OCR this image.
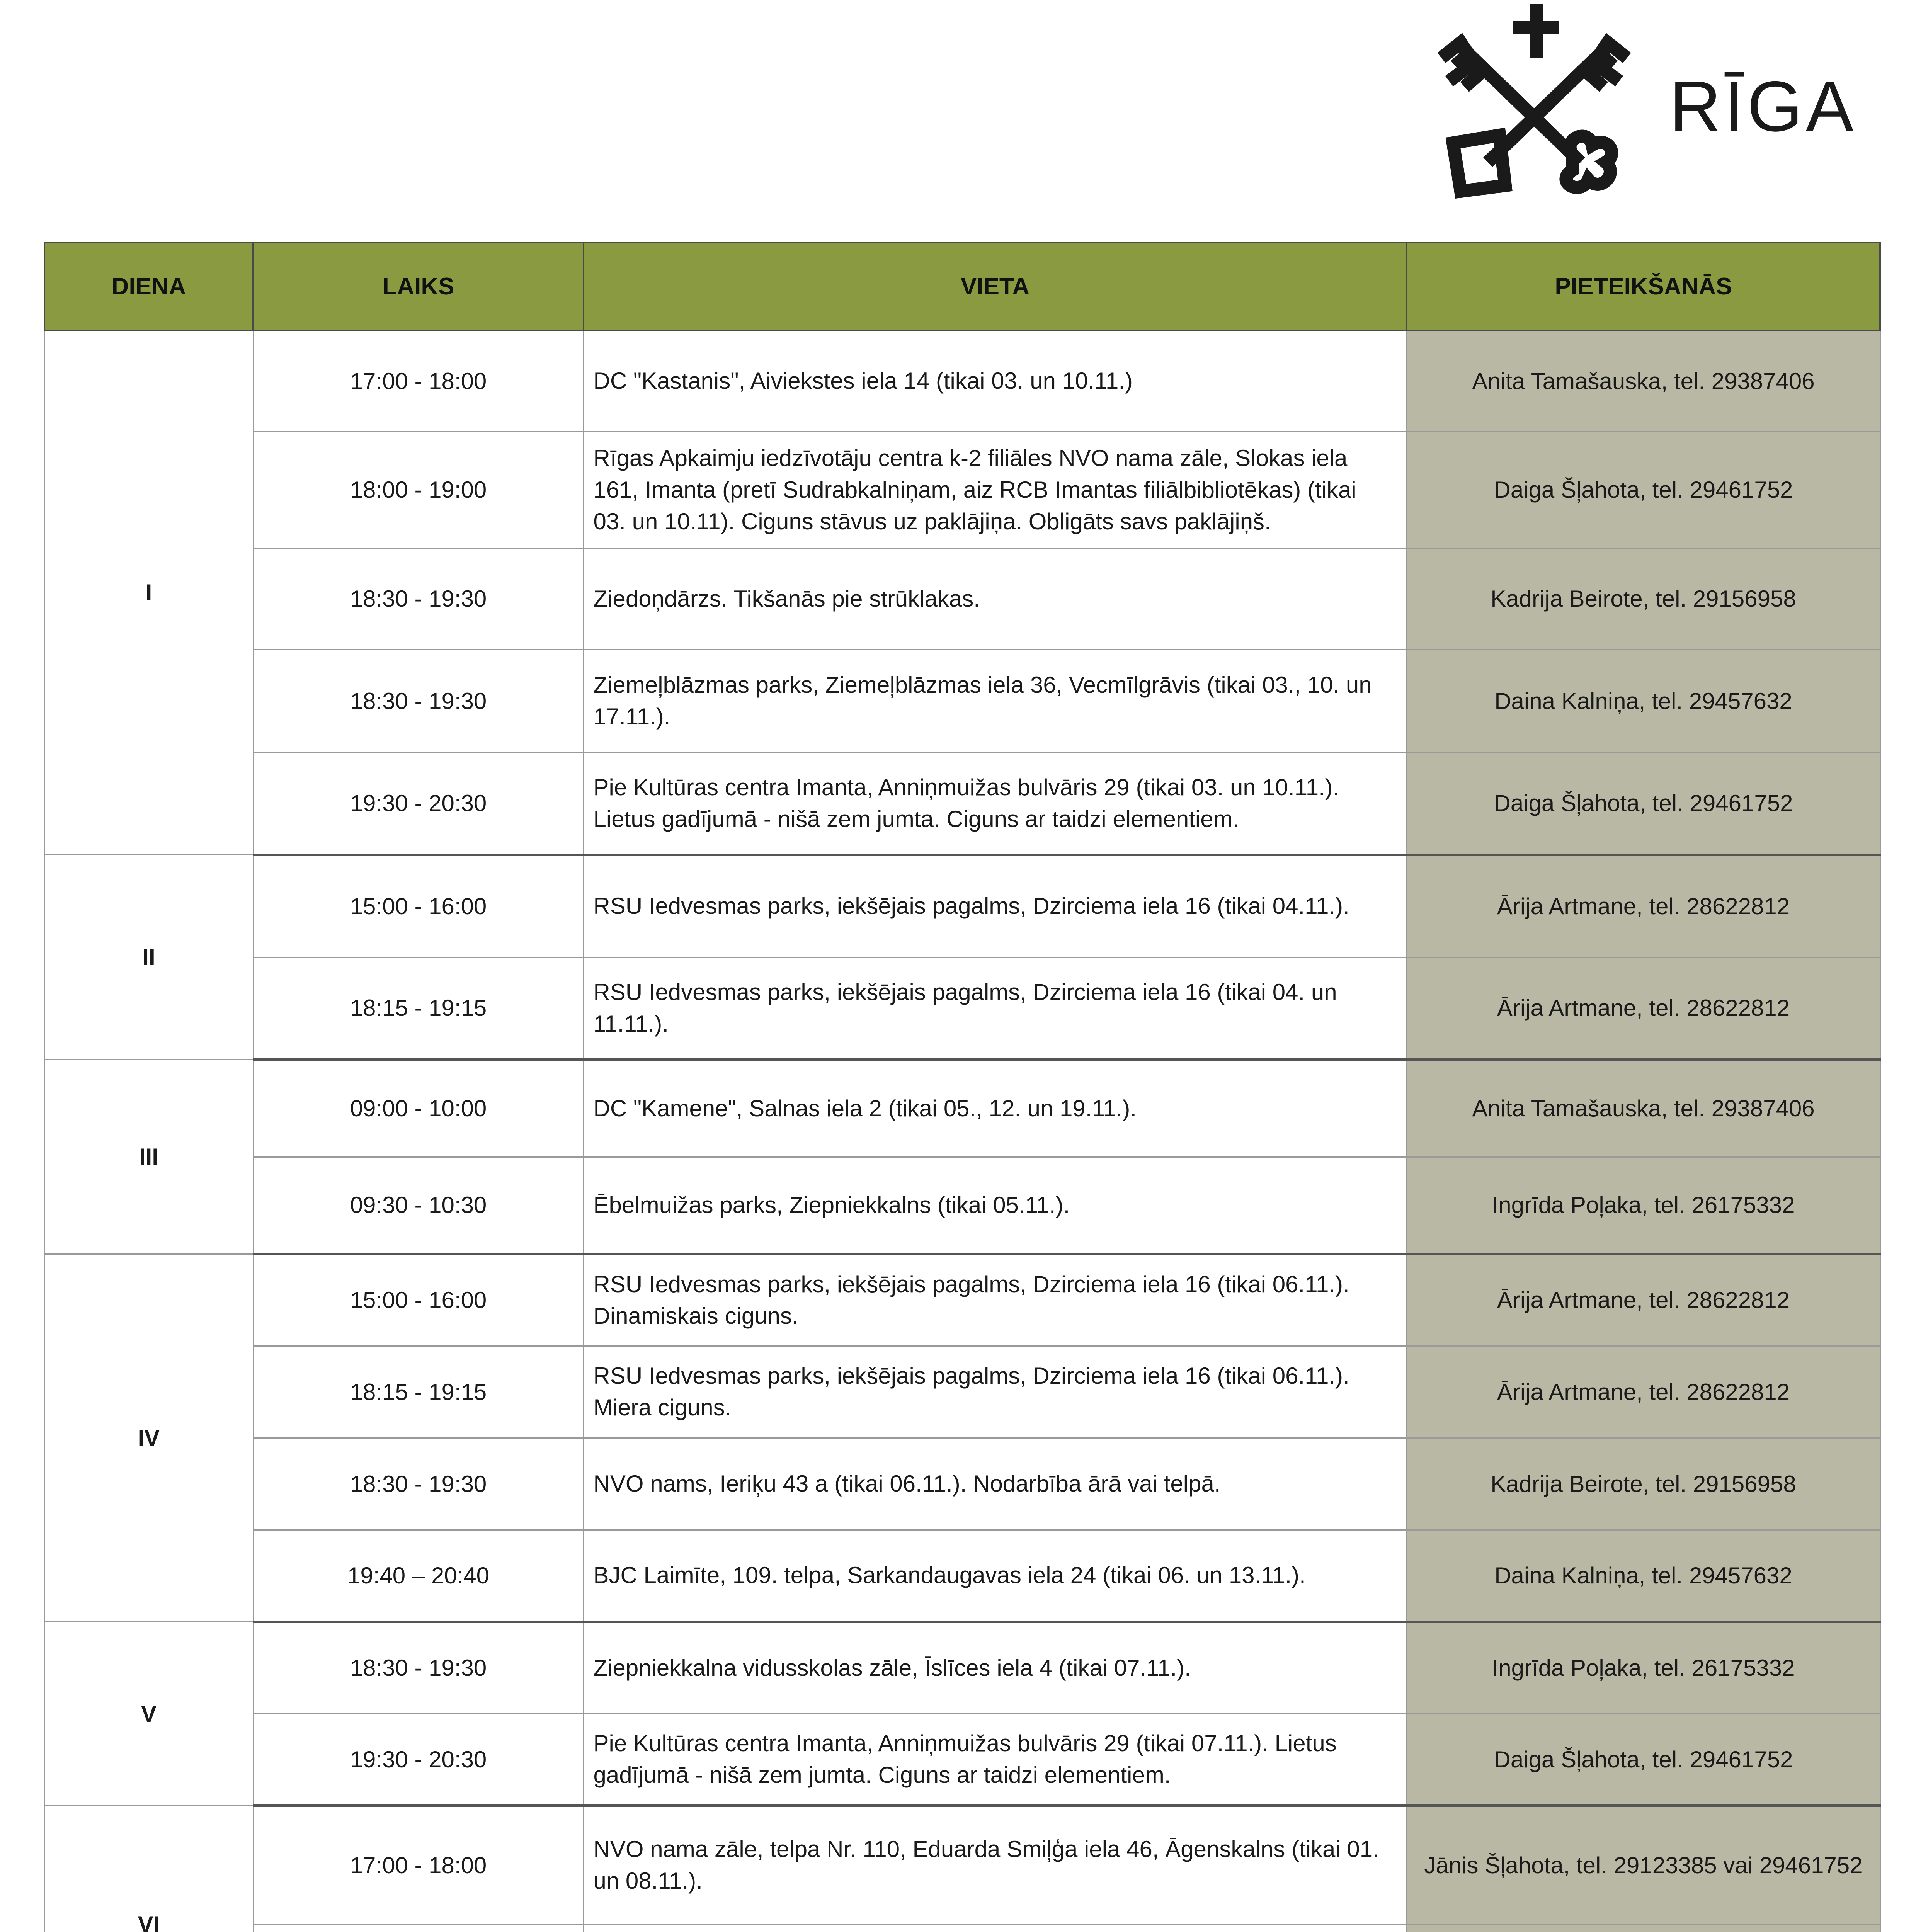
RĪGA
DIENA	LAIKS	VIETA	PIETEIKŠANĀS
I	17:00 - 18:00	DC "Kastanis", Aiviekstes iela 14 (tikai 03. un 10.11.)	Anita Tamašauska, tel. 29387406
	18:00 - 19:00	Rīgas Apkaimju iedzīvotāju centra k-2 filiāles NVO nama zāle, Slokas iela 161, Imanta (pretī Sudrabkalniņam, aiz RCB Imantas filiālbibliotēkas) (tikai 03. un 10.11). Ciguns stāvus uz paklājiņa. Obligāts savs paklājiņš.	Daiga Šļahota, tel. 29461752
	18:30 - 19:30	Ziedoņdārzs. Tikšanās pie strūklakas.	Kadrija Beirote, tel. 29156958
	18:30 - 19:30	Ziemeļblāzmas parks, Ziemeļblāzmas iela 36, Vecmīlgrāvis (tikai 03., 10. un 17.11.).	Daina Kalniņa, tel. 29457632
	19:30 - 20:30	Pie Kultūras centra Imanta, Anniņmuižas bulvāris 29 (tikai 03. un 10.11.). Lietus gadījumā - nišā zem jumta. Ciguns ar taidzi elementiem.	Daiga Šļahota, tel. 29461752
II	15:00 - 16:00	RSU Iedvesmas parks, iekšējais pagalms, Dzirciema iela 16 (tikai 04.11.).	Ārija Artmane, tel. 28622812
	18:15 - 19:15	RSU Iedvesmas parks, iekšējais pagalms, Dzirciema iela 16 (tikai 04. un 11.11.).	Ārija Artmane, tel. 28622812
III	09:00 - 10:00	DC "Kamene", Salnas iela 2 (tikai 05., 12. un 19.11.).	Anita Tamašauska, tel. 29387406
	09:30 - 10:30	Ēbelmuižas parks, Ziepniekkalns (tikai 05.11.).	Ingrīda Poļaka, tel. 26175332
IV	15:00 - 16:00	RSU Iedvesmas parks, iekšējais pagalms, Dzirciema iela 16 (tikai 06.11.). Dinamiskais ciguns.	Ārija Artmane, tel. 28622812
	18:15 - 19:15	RSU Iedvesmas parks, iekšējais pagalms, Dzirciema iela 16 (tikai 06.11.). Miera ciguns.	Ārija Artmane, tel. 28622812
	18:30 - 19:30	NVO nams, Ieriķu 43 a (tikai 06.11.). Nodarbība ārā vai telpā.	Kadrija Beirote, tel. 29156958
	19:40 – 20:40	BJC Laimīte, 109. telpa, Sarkandaugavas iela 24 (tikai 06. un 13.11.).	Daina Kalniņa, tel. 29457632
V	18:30 - 19:30	Ziepniekkalna vidusskolas zāle, Īslīces iela 4 (tikai 07.11.).	Ingrīda Poļaka, tel. 26175332
	19:30 - 20:30	Pie Kultūras centra Imanta, Anniņmuižas bulvāris 29 (tikai 07.11.). Lietus gadījumā - nišā zem jumta. Ciguns ar taidzi elementiem.	Daiga Šļahota, tel. 29461752
VI	17:00 - 18:00	NVO nama zāle, telpa Nr. 110, Eduarda Smiļģa iela 46, Āgenskalns (tikai 01. un 08.11.).	Jānis Šļahota, tel. 29123385 vai 29461752
